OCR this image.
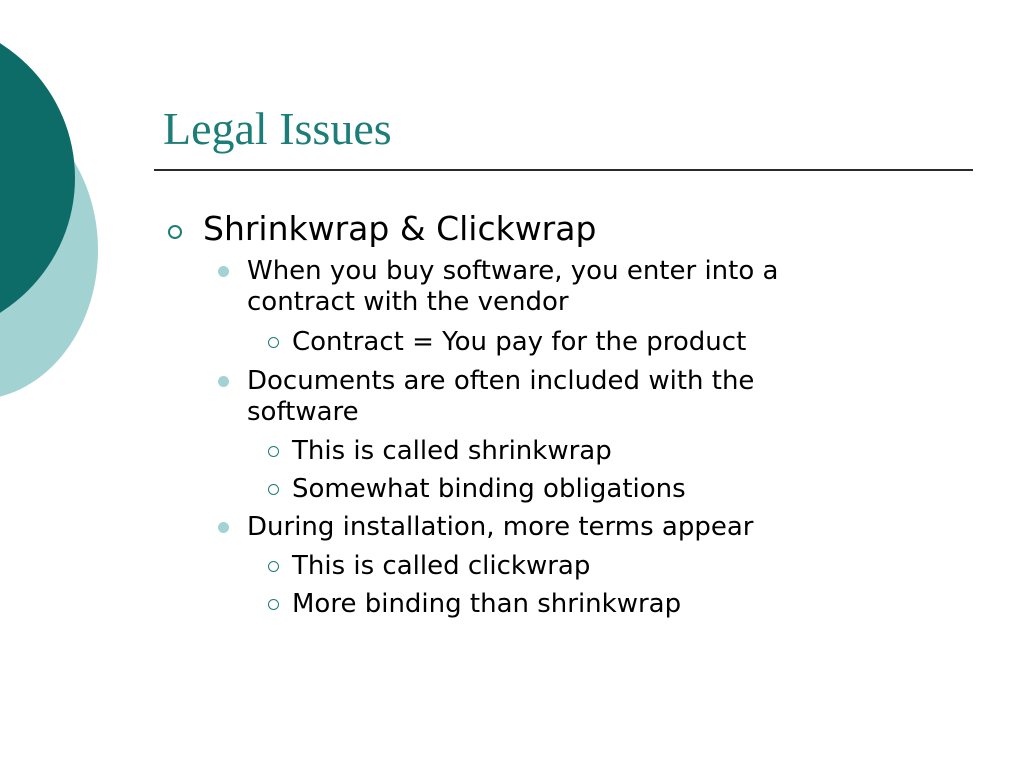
Legal Issues
Shrinkwrap & Clickwrap
When you buy software, you enter into a
contract with the vendor
Contract = You pay for the product
Documents are often included with the
software
This is called shrinkwrap
Somewhat binding obligations
During installation, more terms appear
This is called clickwrap
More binding than shrinkwrap
